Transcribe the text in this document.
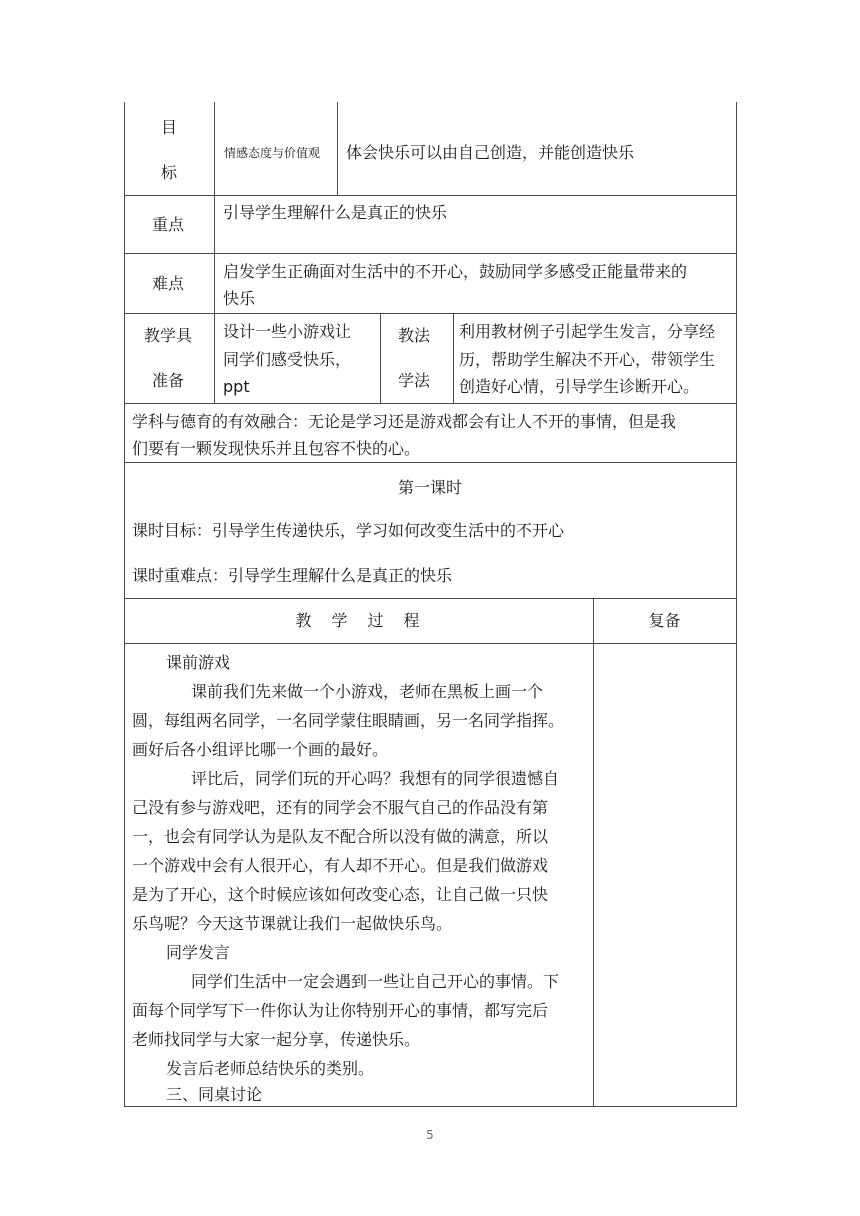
目
标
情感态度与价值观 体会快乐可以由自己创造，并能创造快乐
重点
引导学生理解什么是真正的快乐
难点
启发学生正确面对生活中的不开心，鼓励同学多感受正能量带来的
快乐
教学具
准备
设计一些小游戏让
同学们感受快乐，
ppt
教法
学法
利用教材例子引起学生发言，分享经
历，帮助学生解决不开心，带领学生
创造好心情，引导学生诊断开心。
学科与德育的有效融合：无论是学习还是游戏都会有让人不开的事情，但是我
们要有一颗发现快乐并且包容不快的心。
第一课时
课时目标：引导学生传递快乐，学习如何改变生活中的不开心
课时重难点：引导学生理解什么是真正的快乐
教　学　过　程	复备
课前游戏
课前我们先来做一个小游戏，老师在黑板上画一个
圆，每组两名同学，一名同学蒙住眼睛画，另一名同学指挥。
画好后各小组评比哪一个画的最好。
评比后，同学们玩的开心吗？我想有的同学很遗憾自
己没有参与游戏吧，还有的同学会不服气自己的作品没有第
一，也会有同学认为是队友不配合所以没有做的满意，所以
一个游戏中会有人很开心，有人却不开心。但是我们做游戏
是为了开心，这个时候应该如何改变心态，让自己做一只快
乐鸟呢？今天这节课就让我们一起做快乐鸟。
同学发言
同学们生活中一定会遇到一些让自己开心的事情。下
面每个同学写下一件你认为让你特别开心的事情，都写完后
老师找同学与大家一起分享，传递快乐。
发言后老师总结快乐的类别。
三、同桌讨论
5
